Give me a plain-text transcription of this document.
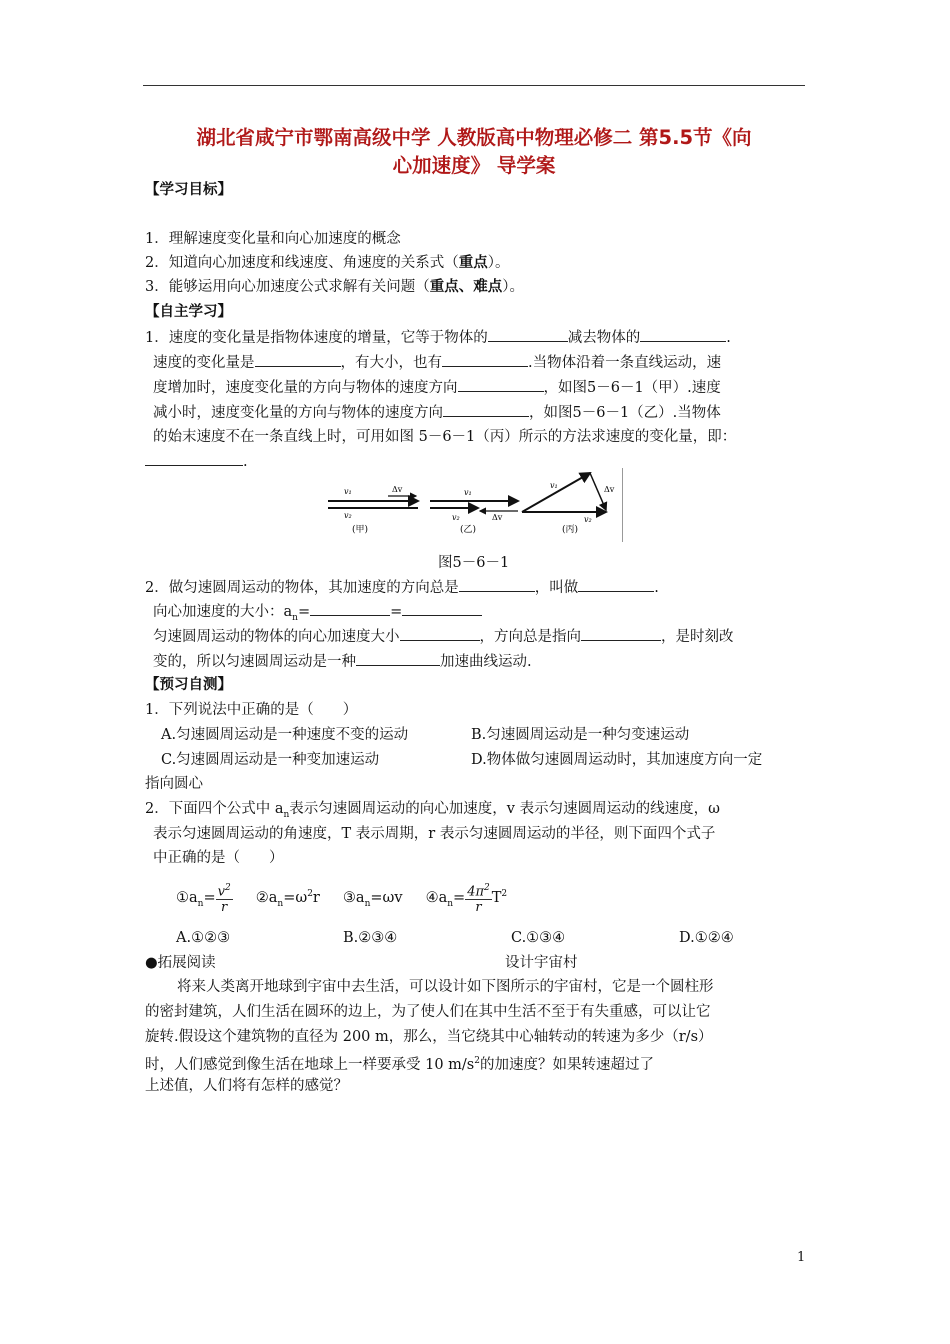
湖北省咸宁市鄂南高级中学 人教版高中物理必修二 第5.5节《向
心加速度》 导学案
【学习目标】
1．理解速度变化量和向心加速度的概念
2．知道向心加速度和线速度、角速度的关系式（重点）。
3．能够运用向心加速度公式求解有关问题（重点、难点）。
【自主学习】
1．速度的变化量是指物体速度的增量，它等于物体的	减去物体的	.
速度的变化量是	，有大小，也有	.当物体沿着一条直线运动，速
度增加时，速度变化量的方向与物体的速度方向	，如图5－6－1（甲）.速度
减小时，速度变化量的方向与物体的速度方向	，如图5－6－1（乙）.当物体
的始末速度不在一条直线上时，可用如图 5－6－1（丙）所示的方法求速度的变化量，即：
.
v₁	Δv
v₂
(甲)
v₁
v₂	Δv
(乙)
v₁	Δv
v₂
(丙)
图5－6－1
2．做匀速圆周运动的物体，其加速度的方向总是	，叫做	.
向心加速度的大小：$a_n=$	=
匀速圆周运动的物体的向心加速度大小	，方向总是指向	，是时刻改
变的，所以匀速圆周运动是一种	加速曲线运动.
【预习自测】
1．下列说法中正确的是（　　）
A.匀速圆周运动是一种速度不变的运动	B.匀速圆周运动是一种匀变速运动
C.匀速圆周运动是一种变加速运动	D.物体做匀速圆周运动时，其加速度方向一定
指向圆心
2．下面四个公式中 $a_n$表示匀速圆周运动的向心加速度，v 表示匀速圆周运动的线速度，ω
表示匀速圆周运动的角速度，T 表示周期，r 表示匀速圆周运动的半径，则下面四个式子
中正确的是（　　）
$①a_n= \frac{v^2}{r}$ $②a_n=\omega^2r$ $③a_n=\omega v$ $④a_n= \frac{4\pi^2}{r} T^2$
A.①②③	B.②③④	C.①③④	D.①②④
●拓展阅读	设计宇宙村
将来人类离开地球到宇宙中去生活，可以设计如下图所示的宇宙村，它是一个圆柱形
的密封建筑，人们生活在圆环的边上，为了使人们在其中生活不至于有失重感，可以让它
旋转.假设这个建筑物的直径为 200 m，那么，当它绕其中心轴转动的转速为多少（r/s）
时，人们感觉到像生活在地球上一样要承受 10 $m/s^2$的加速度？如果转速超过了
上述值，人们将有怎样的感觉？
1
